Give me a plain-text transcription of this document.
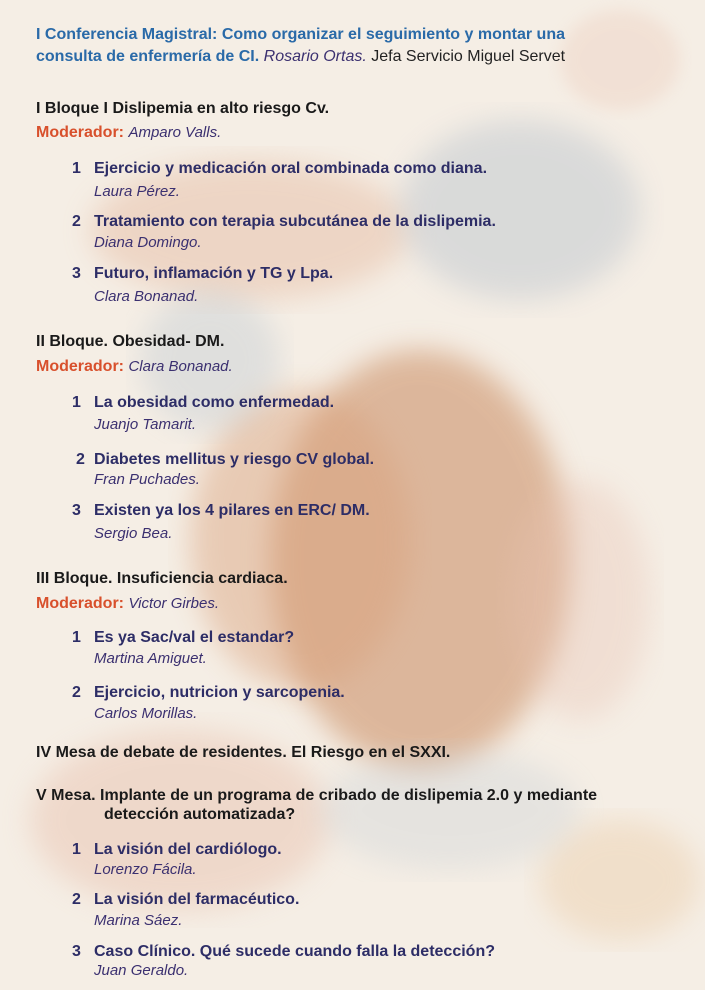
I Conferencia Magistral: Como organizar el seguimiento y montar una
consulta de enfermería de CI. Rosario Ortas. Jefa Servicio Miguel Servet
I Bloque I Dislipemia en alto riesgo Cv.
Moderador: Amparo Valls.
1 Ejercicio y medicación oral combinada como diana.
Laura Pérez.
2 Tratamiento con terapia subcutánea de la dislipemia.
Diana Domingo.
3 Futuro, inflamación y TG y Lpa.
Clara Bonanad.
II Bloque. Obesidad- DM.
Moderador: Clara Bonanad.
1 La obesidad como enfermedad.
Juanjo Tamarit.
2 Diabetes mellitus y riesgo CV global.
Fran Puchades.
3 Existen ya los 4 pilares en ERC/ DM.
Sergio Bea.
III Bloque. Insuficiencia cardiaca.
Moderador: Victor Girbes.
1 Es ya Sac/val el estandar?
Martina Amiguet.
2 Ejercicio, nutricion y sarcopenia.
Carlos Morillas.
IV Mesa de debate de residentes. El Riesgo en el SXXI.
V Mesa. Implante de un programa de cribado de dislipemia 2.0 y mediante
detección automatizada?
1 La visión del cardiólogo.
Lorenzo Fácila.
2 La visión del farmacéutico.
Marina Sáez.
3 Caso Clínico. Qué sucede cuando falla la detección?
Juan Geraldo.
